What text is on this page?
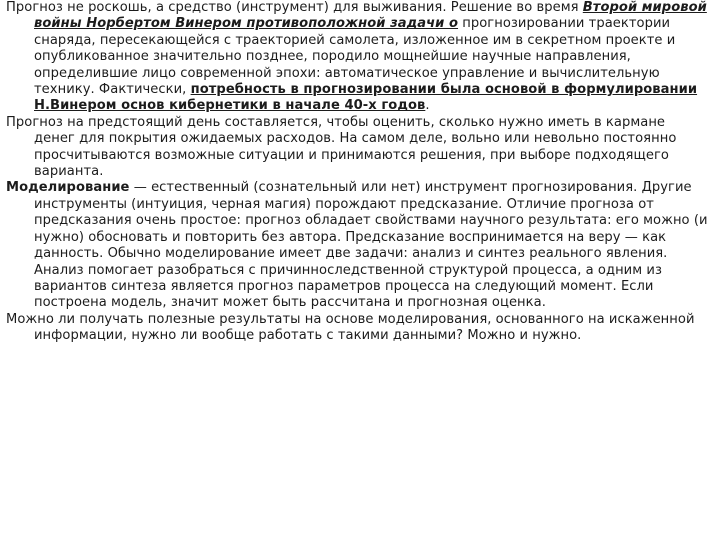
Прогноз не роскошь, а средство (инструмент) для выживания. Решение во время Второй мировой войны Норбертом Винером противоположной задачи о прогнозировании траектории снаряда, пересекающейся с траекторией самолета, изложенное им в секретном проекте и опубликованное значительно позднее, породило мощнейшие научные направления, определившие лицо современной эпохи: автоматическое управление и вычислительную технику. Фактически, потребность в прогнозировании была основой в формулировании Н.Винером основ кибернетики в начале 40-х годов.

Прогноз на предстоящий день составляется, чтобы оценить, сколько нужно иметь в кармане денег для покрытия ожидаемых расходов. На самом деле, вольно или невольно постоянно просчитываются возможные ситуации и принимаются решения, при выборе подходящего варианта.

Моделирование — естественный (сознательный или нет) инструмент прогнозирования. Другие инструменты (интуиция, черная магия) порождают предсказание. Отличие прогноза от предсказания очень простое: прогноз обладает свойствами научного результата: его можно (и нужно) обосновать и повторить без автора. Предсказание воспринимается на веру — как данность. Обычно моделирование имеет две задачи: анализ и синтез реального явления. Анализ помогает разобраться с причинноследственной структурой процесса, а одним из вариантов синтеза является прогноз параметров процесса на следующий момент. Если построена модель, значит может быть рассчитана и прогнозная оценка.

Можно ли получать полезные результаты на основе моделирования, основанного на искаженной информации, нужно ли вообще работать с такими данными? Можно и нужно.
